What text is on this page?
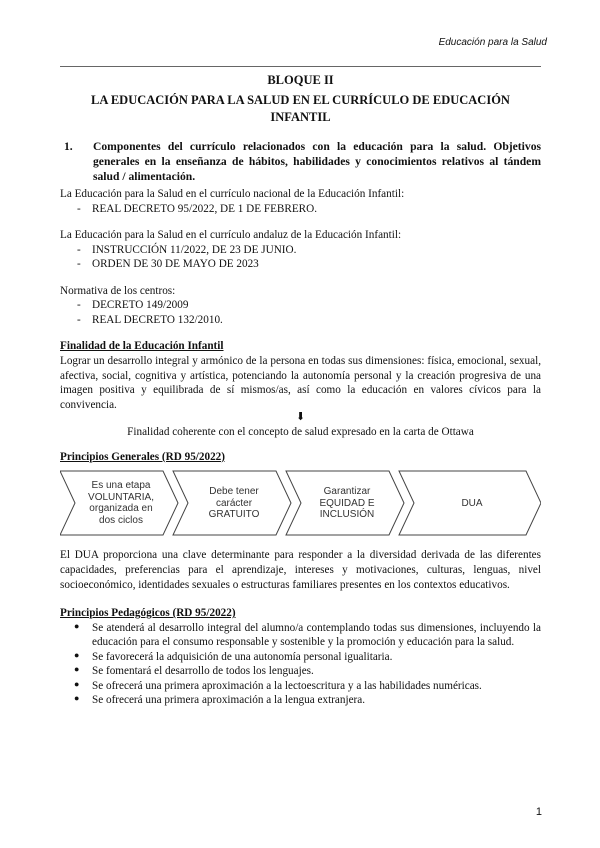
Educación para la Salud

BLOQUE II

LA EDUCACIÓN PARA LA SALUD EN EL CURRÍCULO DE EDUCACIÓN INFANTIL

1.	Componentes del currículo relacionados con la educación para la salud. Objetivos generales en la enseñanza de hábitos, habilidades y conocimientos relativos al tándem salud / alimentación.

La Educación para la Salud en el currículo nacional de la Educación Infantil:

- REAL DECRETO 95/2022, DE 1 DE FEBRERO.

La Educación para la Salud en el currículo andaluz de la Educación Infantil:

- INSTRUCCIÓN 11/2022, DE 23 DE JUNIO.
- ORDEN DE 30 DE MAYO DE 2023

Normativa de los centros:

- DECRETO 149/2009
- REAL DECRETO 132/2010.

Finalidad de la Educación Infantil

Lograr un desarrollo integral y armónico de la persona en todas sus dimensiones: física, emocional, sexual, afectiva, social, cognitiva y artística, potenciando la autonomía personal y la creación progresiva de una imagen positiva y equilibrada de sí mismos/as, así como la educación en valores cívicos para la convivencia.

⬇

Finalidad coherente con el concepto de salud expresado en la carta de Ottawa

Principios Generales (RD 95/2022)

Es una etapa
VOLUNTARIA,
organizada en
dos ciclos
Debe tener
carácter
GRATUITO
Garantizar
EQUIDAD E
INCLUSIÓN
DUA

El DUA proporciona una clave determinante para responder a la diversidad derivada de las diferentes capacidades, preferencias para el aprendizaje, intereses y motivaciones, culturas, lenguas, nivel socioeconómico, identidades sexuales o estructuras familiares presentes en los contextos educativos.

Principios Pedagógicos (RD 95/2022)

● Se atenderá al desarrollo integral del alumno/a contemplando todas sus dimensiones, incluyendo la educación para el consumo responsable y sostenible y la promoción y educación para la salud.
● Se favorecerá la adquisición de una autonomía personal igualitaria.
● Se fomentará el desarrollo de todos los lenguajes.
● Se ofrecerá una primera aproximación a la lectoescritura y a las habilidades numéricas.
● Se ofrecerá una primera aproximación a la lengua extranjera.
1
